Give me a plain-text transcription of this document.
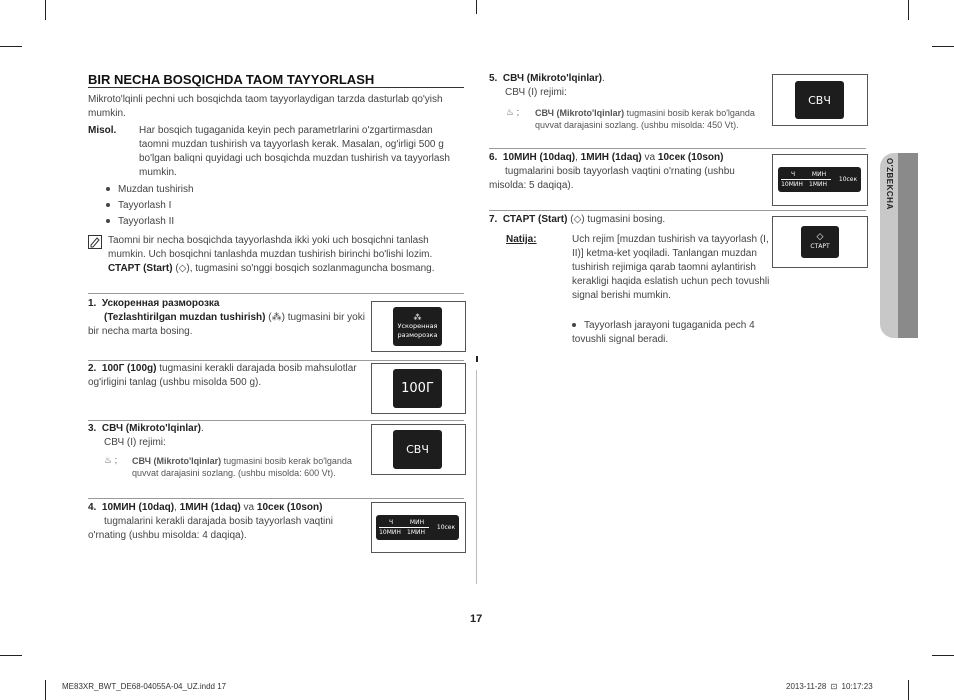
O'ZBEKCHA
BIR NECHA BOSQICHDA TAOM TAYYORLASH
Mikroto'lqinli pechni uch bosqichda taom tayyorlaydigan tarzda dasturlab qo'yish mumkin.
Misol. Har bosqich tugaganida keyin pech parametrlarini o'zgartirmasdan taomni muzdan tushirish va tayyorlash kerak. Masalan, og'irligi 500 g bo'lgan baliqni quyidagi uch bosqichda muzdan tushirish va tayyorlash mumkin.
Muzdan tushirish
Tayyorlash I
Tayyorlash II
Taomni bir necha bosqichda tayyorlashda ikki yoki uch bosqichni tanlash mumkin. Uch bosqichni tanlashda muzdan tushirish birinchi bo'lishi lozim. СТАРТ (Start) (◇), tugmasini so'nggi bosqich sozlanmaguncha bosmang.
1. Ускоренная разморозка
(Tezlashtirilgan muzdan tushirish) (⁂) tugmasini bir yoki bir necha marta bosing.
⁂
Ускоренная
разморозка
2. 100Г (100g) tugmasini kerakli darajada bosib mahsulotlar og'irligini tanlag (ushbu misolda 500 g).	100Г
3. СВЧ (Mikroto'lqinlar).
СВЧ (I) rejimi:
♨ ; СВЧ (Mikroto'lqinlar) tugmasini bosib kerak bo'lganda quvvat darajasini sozlang. (ushbu misolda: 600 Vt).
СВЧ
4. 10МИН (10daq), 1МИН (1daq) va 10сек (10son)
tugmalarini kerakli darajada bosib tayyorlash vaqtini o'rnating (ushbu misolda: 4 daqiqa).
Ч	МИН
10МИН	1МИН
10сек
5. СВЧ (Mikroto'lqinlar).
СВЧ (I) rejimi:
♨ ; СВЧ (Mikroto'lqinlar) tugmasini bosib kerak bo'lganda quvvat darajasini sozlang. (ushbu misolda: 450 Vt).
СВЧ
6. 10МИН (10daq), 1МИН (1daq) va 10сек (10son)
tugmalarini bosib tayyorlash vaqtini o'rnating (ushbu misolda: 5 daqiqa).
Ч	МИН
10МИН	1МИН
10сек
7. СТАРТ (Start) (◇) tugmasini bosing.
Natija:	Uch rejim [muzdan tushirish va tayyorlash (I, II)] ketma-ket yoqiladi. Tanlangan muzdan tushirish rejimiga qarab taomni aylantirish kerakligi haqida eslatish uchun pech tovushli signal berishi mumkin.
Tayyorlash jarayoni tugaganida pech 4 tovushli signal beradi.
◇
СТАРТ
17
ME83XR_BWT_DE68-04055A-04_UZ.indd 17	2013-11-28 ⊡ 10:17:23
